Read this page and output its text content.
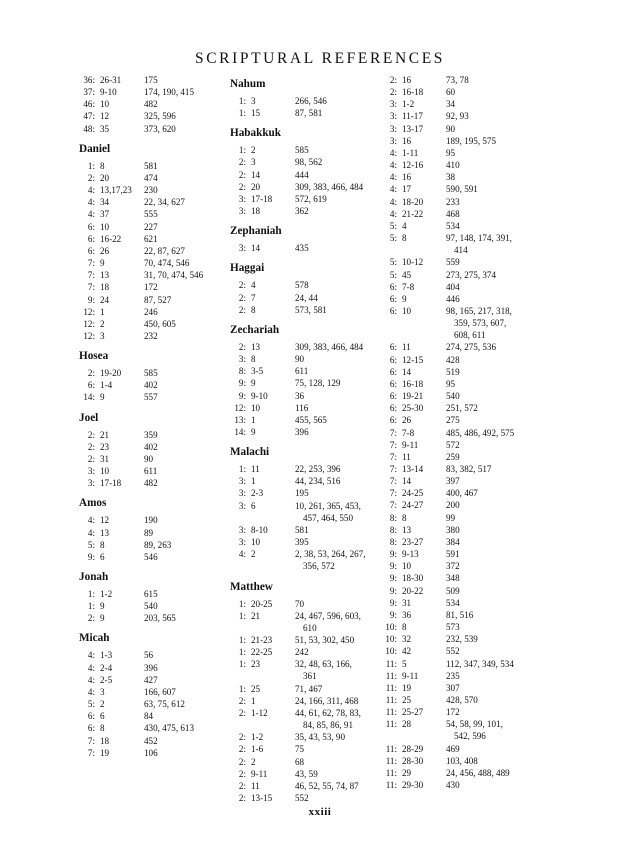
SCRIPTURAL REFERENCES
36: 26-31	175
37: 9-10	174, 190, 415
46: 10	482
47: 12	325, 596
48: 35	373, 620
Daniel
1: 8	581
2: 20	474
4: 13,17,23	230
4: 34	22, 34, 627
4: 37	555
6: 10	227
6: 16-22	621
6: 26	22, 87, 627
7: 9	70, 474, 546
7: 13	31, 70, 474, 546
7: 18	172
9: 24	87, 527
12: 1	246
12: 2	450, 605
12: 3	232
Hosea
2: 19-20	585
6: 1-4	402
14: 9	557
Joel
2: 21	359
2: 23	402
2: 31	90
3: 10	611
3: 17-18	482
Amos
4: 12	190
4: 13	89
5: 8	89, 263
9: 6	546
Jonah
1: 1-2	615
1: 9	540
2: 9	203, 565
Micah
4: 1-3	56
4: 2-4	396
4: 2-5	427
4: 3	166, 607
5: 2	63, 75, 612
6: 6	84
6: 8	430, 475, 613
7: 18	452
7: 19	106
Nahum
1: 3	266, 546
1: 15	87, 581
Habakkuk
1: 2	585
2: 3	98, 562
2: 14	444
2: 20	309, 383, 466, 484
3: 17-18	572, 619
3: 18	362
Zephaniah
3: 14	435
Haggai
2: 4	578
2: 7	24, 44
2: 8	573, 581
Zechariah
2: 13	309, 383, 466, 484
3: 8	90
8: 3-5	611
9: 9	75, 128, 129
9: 9-10	36
12: 10	116
13: 1	455, 565
14: 9	396
Malachi
1: 11	22, 253, 396
3: 1	44, 234, 516
3: 2-3	195
3: 6	10, 261, 365, 453,
457, 464, 550
3: 8-10	581
3: 10	395
4: 2	2, 38, 53, 264, 267,
356, 572
Matthew
1: 20-25	70
1: 21	24, 467, 596, 603,
610
1: 21-23	51, 53, 302, 450
1: 22-25	242
1: 23	32, 48, 63, 166,
361
1: 25	71, 467
2: 1	24, 166, 311, 468
2: 1-12	44, 61, 62, 78, 83,
84, 85, 86, 91
2: 1-2	35, 43, 53, 90
2: 1-6	75
2: 2	68
2: 9-11	43, 59
2: 11	46, 52, 55, 74, 87
2: 13-15	552
2: 16	73, 78
2: 16-18	60
3: 1-2	34
3: 11-17	92, 93
3: 13-17	90
3: 16	189, 195, 575
4: 1-11	95
4: 12-16	410
4: 16	38
4: 17	590, 591
4: 18-20	233
4: 21-22	468
5: 4	534
5: 8	97, 148, 174, 391,
414
5: 10-12	559
5: 45	273, 275, 374
6: 7-8	404
6: 9	446
6: 10	98, 165, 217, 318,
359, 573, 607,
608, 611
6: 11	274, 275, 536
6: 12-15	428
6: 14	519
6: 16-18	95
6: 19-21	540
6: 25-30	251, 572
6: 26	275
7: 7-8	485, 486, 492, 575
7: 9-11	572
7: 11	259
7: 13-14	83, 382, 517
7: 14	397
7: 24-25	400, 467
7: 24-27	200
8: 8	99
8: 13	380
8: 23-27	384
9: 9-13	591
9: 10	372
9: 18-30	348
9: 20-22	509
9: 31	534
9: 36	81, 516
10: 8	573
10: 32	232, 539
10: 42	552
11: 5	112, 347, 349, 534
11: 9-11	235
11: 19	307
11: 25	428, 570
11: 25-27	172
11: 28	54, 58, 99, 101,
542, 596
11: 28-29	469
11: 28-30	103, 408
11: 29	24, 456, 488, 489
11: 29-30	430
xxiii
